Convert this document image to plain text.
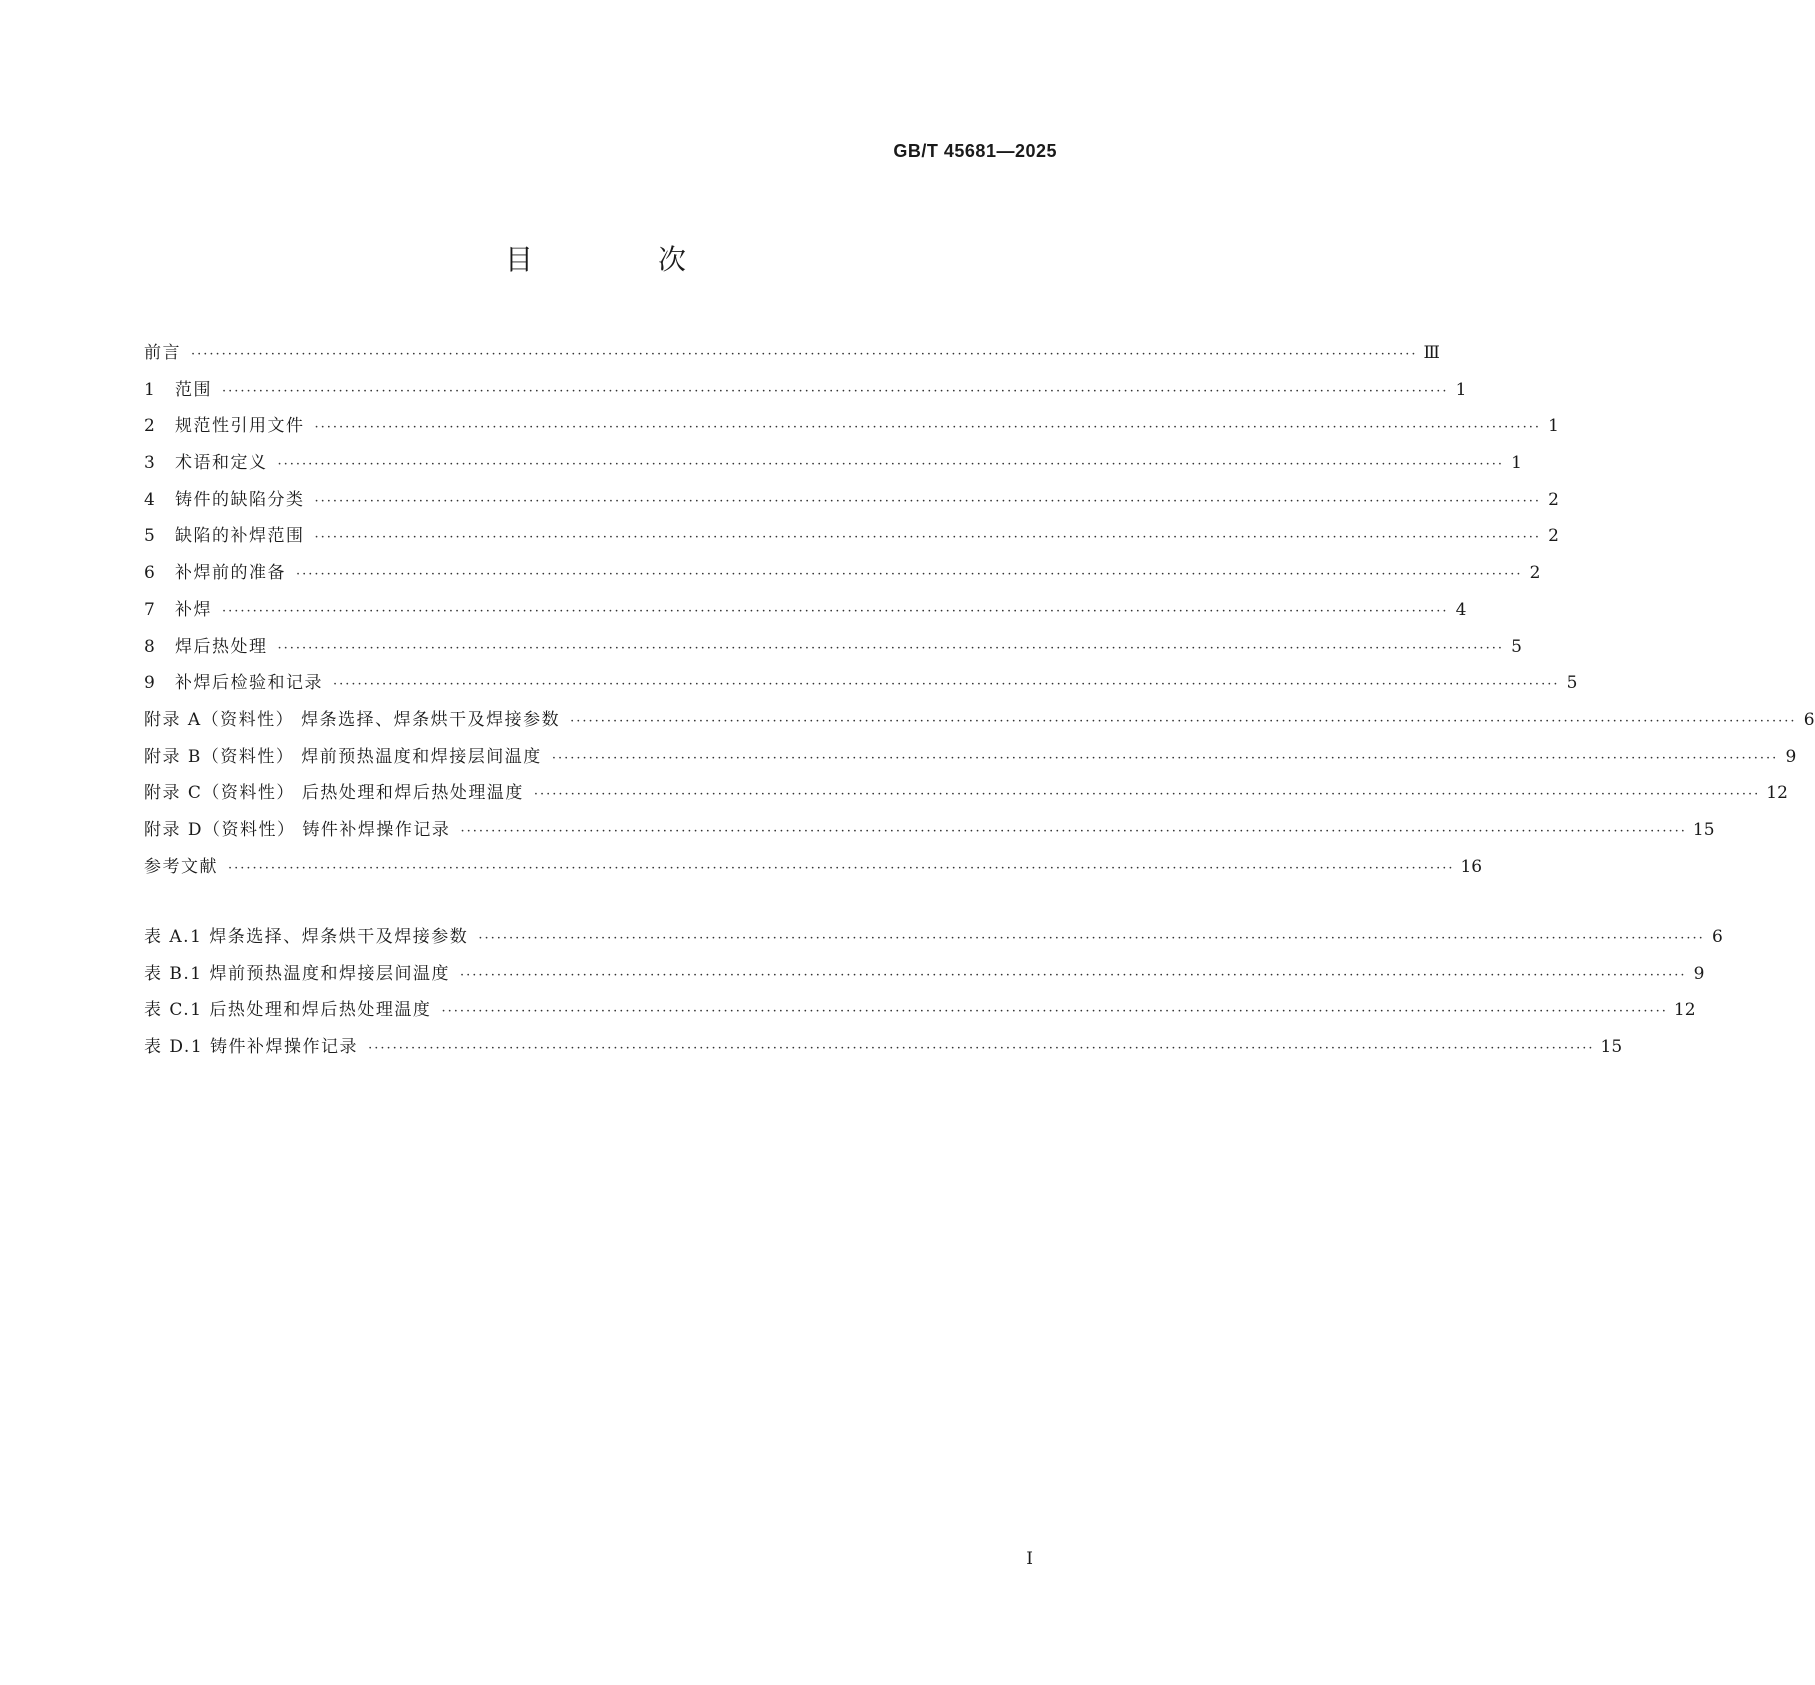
GB/T 45681—2025
目 次
前言 ········································································································································································································ Ⅲ
1	范围 ········································································································································································································ 1
2	规范性引用文件 ········································································································································································································ 1
3	术语和定义 ········································································································································································································ 1
4	铸件的缺陷分类 ········································································································································································································ 2
5	缺陷的补焊范围 ········································································································································································································ 2
6	补焊前的准备 ········································································································································································································ 2
7	补焊 ········································································································································································································ 4
8	焊后热处理 ········································································································································································································ 5
9	补焊后检验和记录 ········································································································································································································ 5
附录 A（资料性） 焊条选择、焊条烘干及焊接参数 ········································································································································································································ 6
附录 B（资料性） 焊前预热温度和焊接层间温度 ········································································································································································································ 9
附录 C（资料性） 后热处理和焊后热处理温度 ········································································································································································································ 12
附录 D（资料性） 铸件补焊操作记录 ········································································································································································································ 15
参考文献 ········································································································································································································ 16
表 A.1 焊条选择、焊条烘干及焊接参数 ········································································································································································································ 6
表 B.1 焊前预热温度和焊接层间温度 ········································································································································································································ 9
表 C.1 后热处理和焊后热处理温度 ········································································································································································································ 12
表 D.1 铸件补焊操作记录 ········································································································································································································ 15
I
